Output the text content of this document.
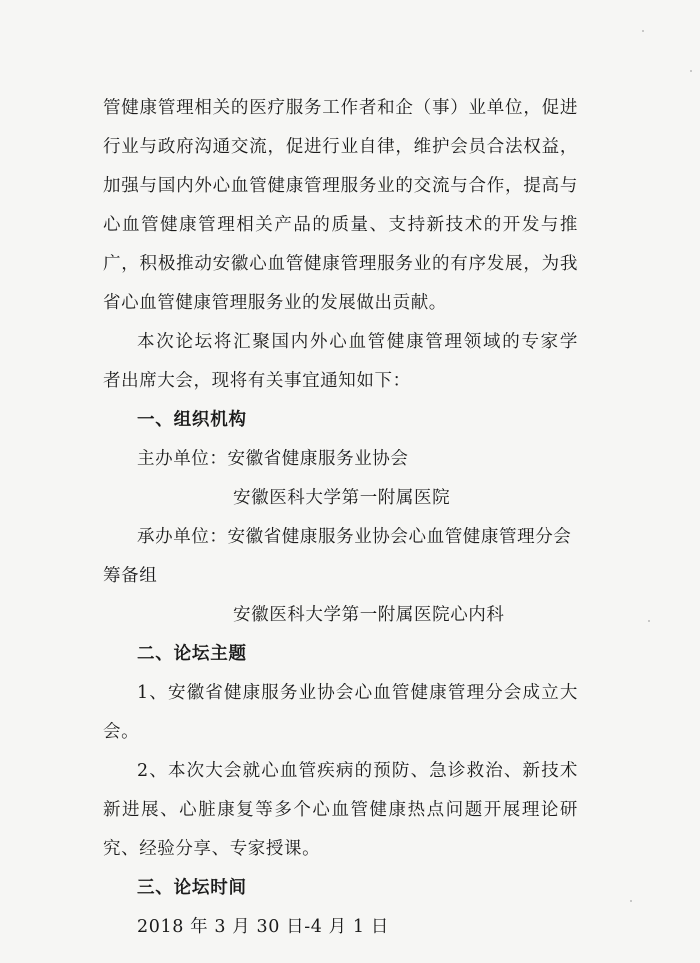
管健康管理相关的医疗服务工作者和企（事）业单位，促进
行业与政府沟通交流，促进行业自律，维护会员合法权益，
加强与国内外心血管健康管理服务业的交流与合作，提高与
心血管健康管理相关产品的质量、支持新技术的开发与推
广，积极推动安徽心血管健康管理服务业的有序发展，为我
省心血管健康管理服务业的发展做出贡献。
本次论坛将汇聚国内外心血管健康管理领域的专家学
者出席大会，现将有关事宜通知如下：
一、组织机构
主办单位：安徽省健康服务业协会
安徽医科大学第一附属医院
承办单位：安徽省健康服务业协会心血管健康管理分会
筹备组
安徽医科大学第一附属医院心内科
二、论坛主题
1、安徽省健康服务业协会心血管健康管理分会成立大
会。
2、本次大会就心血管疾病的预防、急诊救治、新技术
新进展、心脏康复等多个心血管健康热点问题开展理论研
究、经验分享、专家授课。
三、论坛时间
2018 年 3 月 30 日-4 月 1 日
